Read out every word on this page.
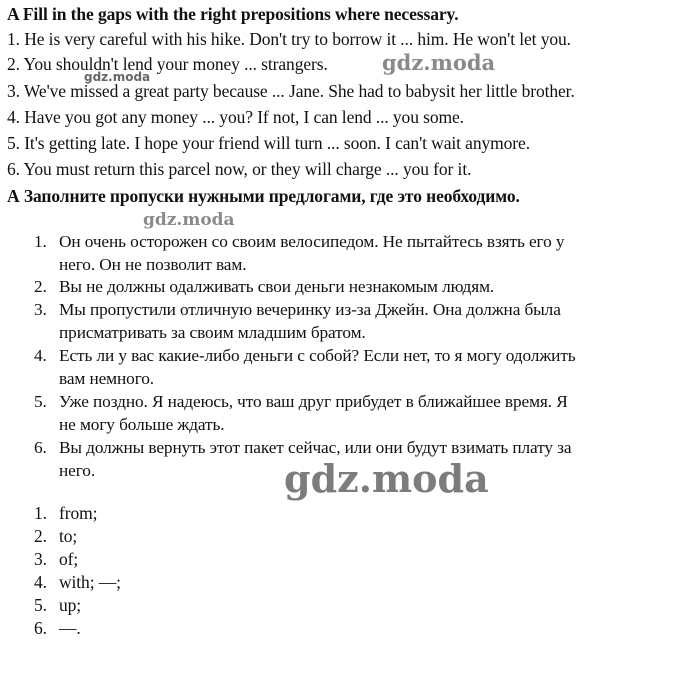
A Fill in the gaps with the right prepositions where necessary.
1. He is very careful with his hike. Don't try to borrow it ... him. He won't let you.
2. You shouldn't lend your money ... strangers.	gdz.moda
gdz.moda
3. We've missed a great party because ... Jane. She had to babysit her little brother.
4. Have you got any money ... you? If not, I can lend ... you some.
5. It's getting late. I hope your friend will turn ... soon. I can't wait anymore.
6. You must return this parcel now, or they will charge ... you for it.
А Заполните пропуски нужными предлогами, где это необходимо.
gdz.moda
1. Он очень осторожен со своим велосипедом. Не пытайтесь взять его у
него. Он не позволит вам.
2. Вы не должны одалживать свои деньги незнакомым людям.
3. Мы пропустили отличную вечеринку из-за Джейн. Она должна была
присматривать за своим младшим братом.
4. Есть ли у вас какие-либо деньги с собой? Если нет, то я могу одолжить
вам немного.
5. Уже поздно. Я надеюсь, что ваш друг прибудет в ближайшее время. Я
не могу больше ждать.
6. Вы должны вернуть этот пакет сейчас, или они будут взимать плату за
него.	gdz.moda
1. from;
2. to;
3. of;
4. with; —;
5. up;
6. —.
